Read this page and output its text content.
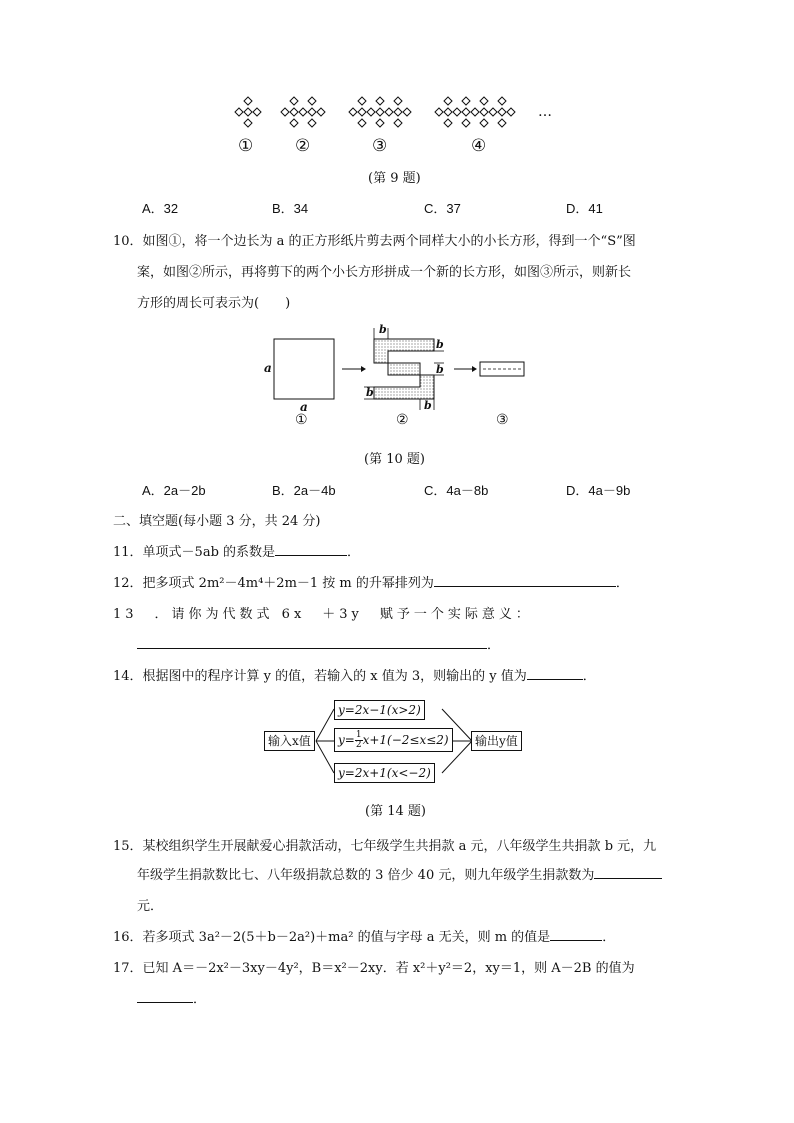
…
① ②	③	④
(第 9 题)
A．32	B．34	C．37	D．41
10．如图①，将一个边长为 a 的正方形纸片剪去两个同样大小的小长方形，得到一个“S”图
案，如图②所示，再将剪下的两个小长方形拼成一个新的长方形，如图③所示，则新长
方形的周长可表示为(　　)
a
a
b
b
b
b
b
①	②	③
(第 10 题)
A．2a－2b	B．2a－4b	C．4a－8b	D．4a－9b
二、填空题(每小题 3 分，共 24 分)
11．单项式－5ab 的系数是	．
12．把多项式 2m²－4m⁴＋2m－1 按 m 的升幂排列为	．
13　．请你为代数式 6x　＋3y　赋予一个实际意义：
．
14．根据图中的程序计算 y 的值，若输入的 x 值为 3，则输出的 y 值为	．
输入x值
y=2x−1(x>2)
$y= \frac{1}{2} x+1(-2\le x\le 2)$
y=2x+1(x<−2)
输出y值
(第 14 题)
15．某校组织学生开展献爱心捐款活动，七年级学生共捐款 a 元，八年级学生共捐款 b 元，九
年级学生捐款数比七、八年级捐款总数的 3 倍少 40 元，则九年级学生捐款数为
元．
16．若多项式 3a²－2(5＋b－2a²)＋ma² 的值与字母 a 无关，则 m 的值是	．
17．已知 A＝－2x²－3xy－4y²，B＝x²－2xy．若 x²＋y²＝2，xy＝1，则 A－2B 的值为
．
